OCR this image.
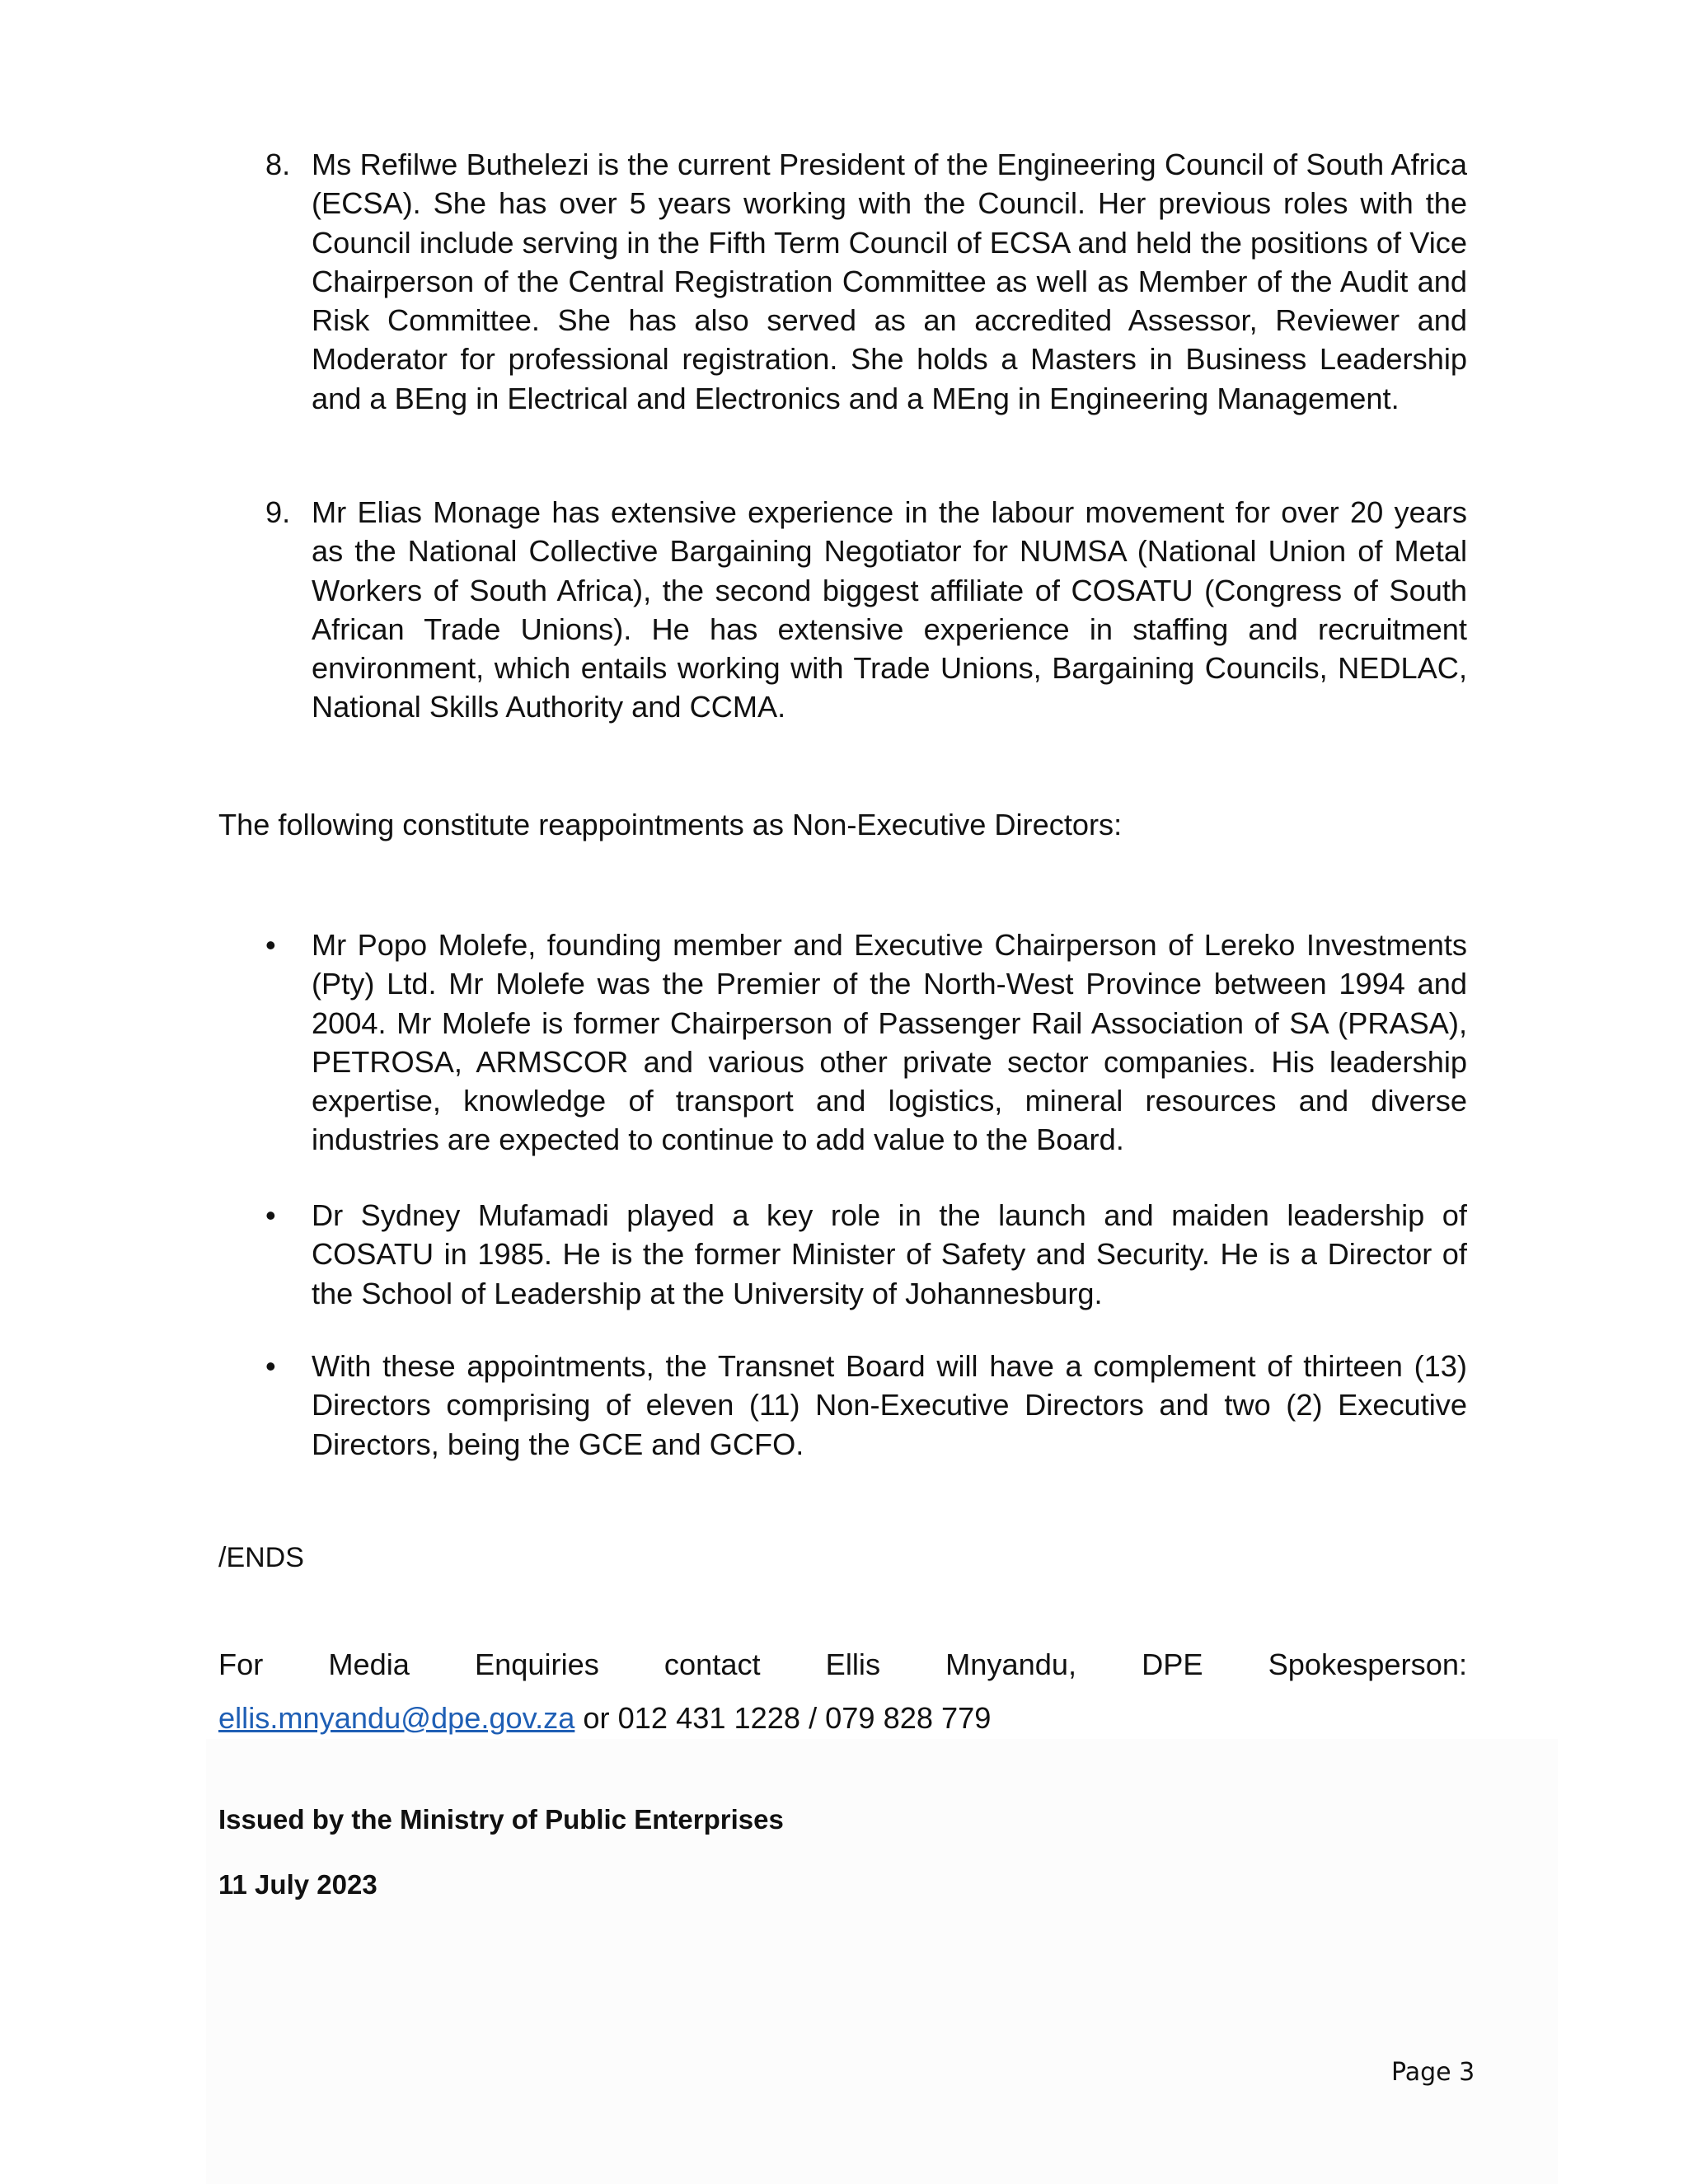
8. Ms Refilwe Buthelezi is the current President of the Engineering Council of South Africa (ECSA). She has over 5 years working with the Council. Her previous roles with the Council include serving in the Fifth Term Council of ECSA and held the positions of Vice Chairperson of the Central Registration Committee as well as Member of the Audit and Risk Committee. She has also served as an accredited Assessor, Reviewer and Moderator for professional registration. She holds a Masters in Business Leadership and a BEng in Electrical and Electronics and a MEng in Engineering Management.

9. Mr Elias Monage has extensive experience in the labour movement for over 20 years as the National Collective Bargaining Negotiator for NUMSA (National Union of Metal Workers of South Africa), the second biggest affiliate of COSATU (Congress of South African Trade Unions). He has extensive experience in staffing and recruitment environment, which entails working with Trade Unions, Bargaining Councils, NEDLAC, National Skills Authority and CCMA.

The following constitute reappointments as Non-Executive Directors:
• Mr Popo Molefe, founding member and Executive Chairperson of Lereko Investments (Pty) Ltd. Mr Molefe was the Premier of the North-West Province between 1994 and 2004. Mr Molefe is former Chairperson of Passenger Rail Association of SA (PRASA), PETROSA, ARMSCOR and various other private sector companies. His leadership expertise, knowledge of transport and logistics, mineral resources and diverse industries are expected to continue to add value to the Board.

• Dr Sydney Mufamadi played a key role in the launch and maiden leadership of COSATU in 1985. He is the former Minister of Safety and Security. He is a Director of the School of Leadership at the University of Johannesburg.

• With these appointments, the Transnet Board will have a complement of thirteen (13) Directors comprising of eleven (11) Non-Executive Directors and two (2) Executive Directors, being the GCE and GCFO.

/ENDS
For Media Enquiries contact Ellis Mnyandu, DPE Spokesperson:
ellis.mnyandu@dpe.gov.za or 012 431 1228 / 079 828 779
Issued by the Ministry of Public Enterprises
11 July 2023
Page 3
